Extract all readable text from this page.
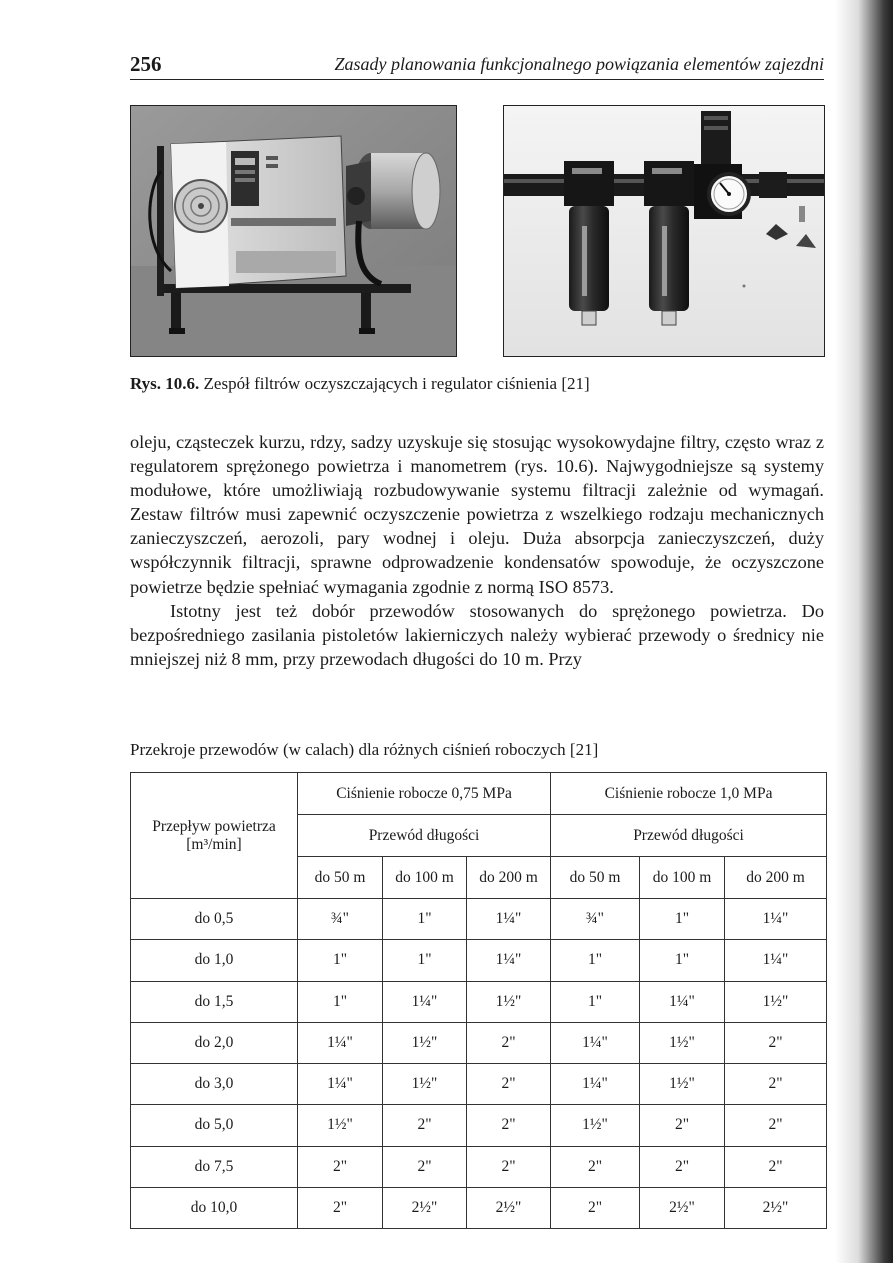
256	Zasady planowania funkcjonalnego powiązania elementów zajezdni
Rys. 10.6. Zespół filtrów oczyszczających i regulator ciśnienia [21]

oleju, cząsteczek kurzu, rdzy, sadzy uzyskuje się stosując wysokowydajne filtry, często wraz z regulatorem sprężonego powietrza i manometrem (rys. 10.6). Najwygodniejsze są systemy modułowe, które umożliwiają rozbudowywanie systemu filtracji zależnie od wymagań. Zestaw filtrów musi zapewnić oczyszczenie powietrza z wszelkiego rodzaju mechanicznych zanieczyszczeń, aerozoli, pary wodnej i oleju. Duża absorpcja zanieczyszczeń, duży współczynnik filtracji, sprawne odprowadzenie kondensatów spowoduje, że oczyszczone powietrze będzie spełniać wymagania zgodnie z normą ISO 8573.

Istotny jest też dobór przewodów stosowanych do sprężonego powietrza. Do bezpośredniego zasilania pistoletów lakierniczych należy wybierać przewody o średnicy nie mniejszej niż 8 mm, przy przewodach długości do 10 m. Przy

Przekroje przewodów (w calach) dla różnych ciśnień roboczych [21]
Przepływ powietrza
[m³/min]	Ciśnienie robocze 0,75 MPa			Ciśnienie robocze 1,0 MPa		
	Przewód długości			Przewód długości		
	do 50 m	do 100 m	do 200 m	do 50 m	do 100 m	do 200 m
do 0,5	¾"	1"	1¼"	¾"	1"	1¼"
do 1,0	1"	1"	1¼"	1"	1"	1¼"
do 1,5	1"	1¼"	1½"	1"	1¼"	1½"
do 2,0	1¼"	1½"	2"	1¼"	1½"	2"
do 3,0	1¼"	1½"	2"	1¼"	1½"	2"
do 5,0	1½"	2"	2"	1½"	2"	2"
do 7,5	2"	2"	2"	2"	2"	2"
do 10,0	2"	2½"	2½"	2"	2½"	2½"
